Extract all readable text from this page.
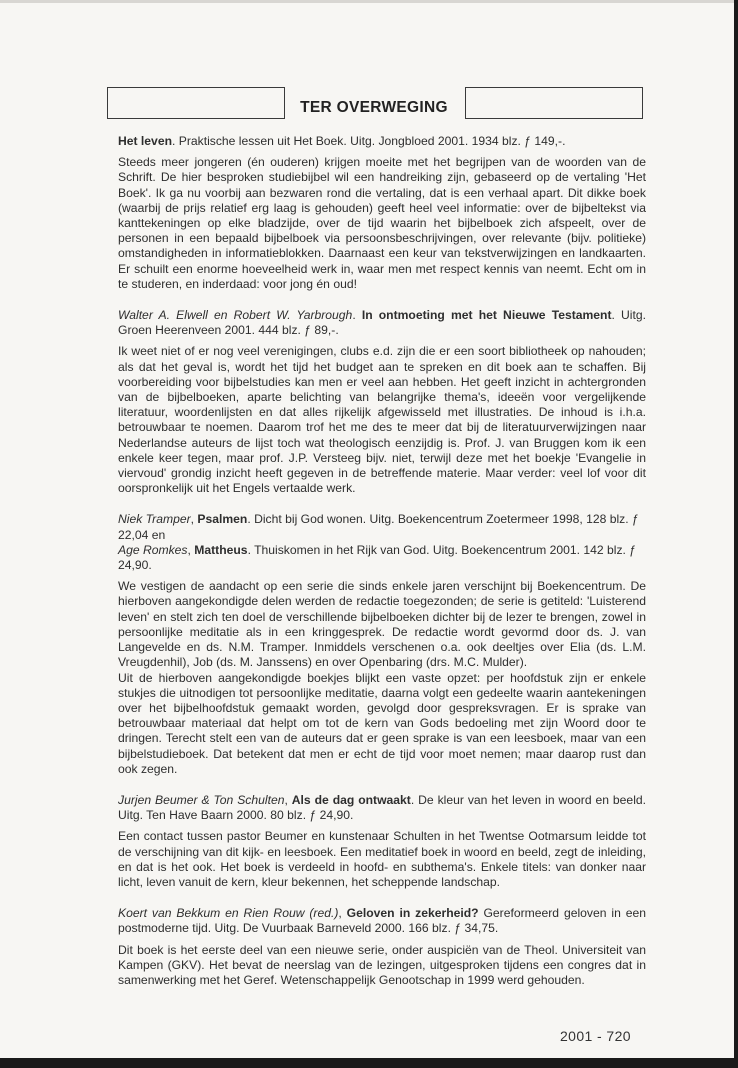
TER OVERWEGING

Het leven. Praktische lessen uit Het Boek. Uitg. Jongbloed 2001. 1934 blz. ƒ 149,-.

Steeds meer jongeren (én ouderen) krijgen moeite met het begrijpen van de woorden van de Schrift. De hier besproken studiebijbel wil een handreiking zijn, gebaseerd op de vertaling 'Het Boek'. Ik ga nu voorbij aan bezwaren rond die vertaling, dat is een verhaal apart. Dit dikke boek (waarbij de prijs relatief erg laag is gehouden) geeft heel veel informatie: over de bijbeltekst via kanttekeningen op elke bladzijde, over de tijd waarin het bijbelboek zich afspeelt, over de personen in een bepaald bijbelboek via persoonsbeschrijvingen, over relevante (bijv. politieke) omstandigheden in informatieblokken. Daarnaast een keur van tekstverwijzingen en landkaarten. Er schuilt een enorme hoeveelheid werk in, waar men met respect kennis van neemt. Echt om in te studeren, en inderdaad: voor jong én oud!

Walter A. Elwell en Robert W. Yarbrough. In ontmoeting met het Nieuwe Testament. Uitg. Groen Heerenveen 2001. 444 blz. ƒ 89,-.

Ik weet niet of er nog veel verenigingen, clubs e.d. zijn die er een soort bibliotheek op nahouden; als dat het geval is, wordt het tijd het budget aan te spreken en dit boek aan te schaffen. Bij voorbereiding voor bijbelstudies kan men er veel aan hebben. Het geeft inzicht in achtergronden van de bijbelboeken, aparte belichting van belangrijke thema's, ideeën voor vergelijkende literatuur, woordenlijsten en dat alles rijkelijk afgewisseld met illustraties. De inhoud is i.h.a. betrouwbaar te noemen. Daarom trof het me des te meer dat bij de literatuurverwijzingen naar Nederlandse auteurs de lijst toch wat theologisch eenzijdig is. Prof. J. van Bruggen kom ik een enkele keer tegen, maar prof. J.P. Versteeg bijv. niet, terwijl deze met het boekje 'Evangelie in viervoud' grondig inzicht heeft gegeven in de betreffende materie. Maar verder: veel lof voor dit oorspronkelijk uit het Engels vertaalde werk.

Niek Tramper, Psalmen. Dicht bij God wonen. Uitg. Boekencentrum Zoetermeer 1998, 128 blz. ƒ 22,04 en

Age Romkes, Mattheus. Thuiskomen in het Rijk van God. Uitg. Boekencentrum 2001. 142 blz. ƒ 24,90.

We vestigen de aandacht op een serie die sinds enkele jaren verschijnt bij Boekencentrum. De hierboven aangekondigde delen werden de redactie toegezonden; de serie is getiteld: 'Luisterend leven' en stelt zich ten doel de verschillende bijbelboeken dichter bij de lezer te brengen, zowel in persoonlijke meditatie als in een kringgesprek. De redactie wordt gevormd door ds. J. van Langevelde en ds. N.M. Tramper. Inmiddels verschenen o.a. ook deeltjes over Elia (ds. L.M. Vreugdenhil), Job (ds. M. Janssens) en over Openbaring (drs. M.C. Mulder).

Uit de hierboven aangekondigde boekjes blijkt een vaste opzet: per hoofdstuk zijn er enkele stukjes die uitnodigen tot persoonlijke meditatie, daarna volgt een gedeelte waarin aantekeningen over het bijbelhoofdstuk gemaakt worden, gevolgd door gespreksvragen. Er is sprake van betrouwbaar materiaal dat helpt om tot de kern van Gods bedoeling met zijn Woord door te dringen. Terecht stelt een van de auteurs dat er geen sprake is van een leesboek, maar van een bijbelstudieboek. Dat betekent dat men er echt de tijd voor moet nemen; maar daarop rust dan ook zegen.

Jurjen Beumer & Ton Schulten, Als de dag ontwaakt. De kleur van het leven in woord en beeld. Uitg. Ten Have Baarn 2000. 80 blz. ƒ 24,90.

Een contact tussen pastor Beumer en kunstenaar Schulten in het Twentse Ootmarsum leidde tot de verschijning van dit kijk- en leesboek. Een meditatief boek in woord en beeld, zegt de inleiding, en dat is het ook. Het boek is verdeeld in hoofd- en subthema's. Enkele titels: van donker naar licht, leven vanuit de kern, kleur bekennen, het scheppende landschap.

Koert van Bekkum en Rien Rouw (red.), Geloven in zekerheid? Gereformeerd geloven in een postmoderne tijd. Uitg. De Vuurbaak Barneveld 2000. 166 blz. ƒ 34,75.

Dit boek is het eerste deel van een nieuwe serie, onder auspiciën van de Theol. Universiteit van Kampen (GKV). Het bevat de neerslag van de lezingen, uitgesproken tijdens een congres dat in samenwerking met het Geref. Wetenschappelijk Genootschap in 1999 werd gehouden.

2001 - 720
